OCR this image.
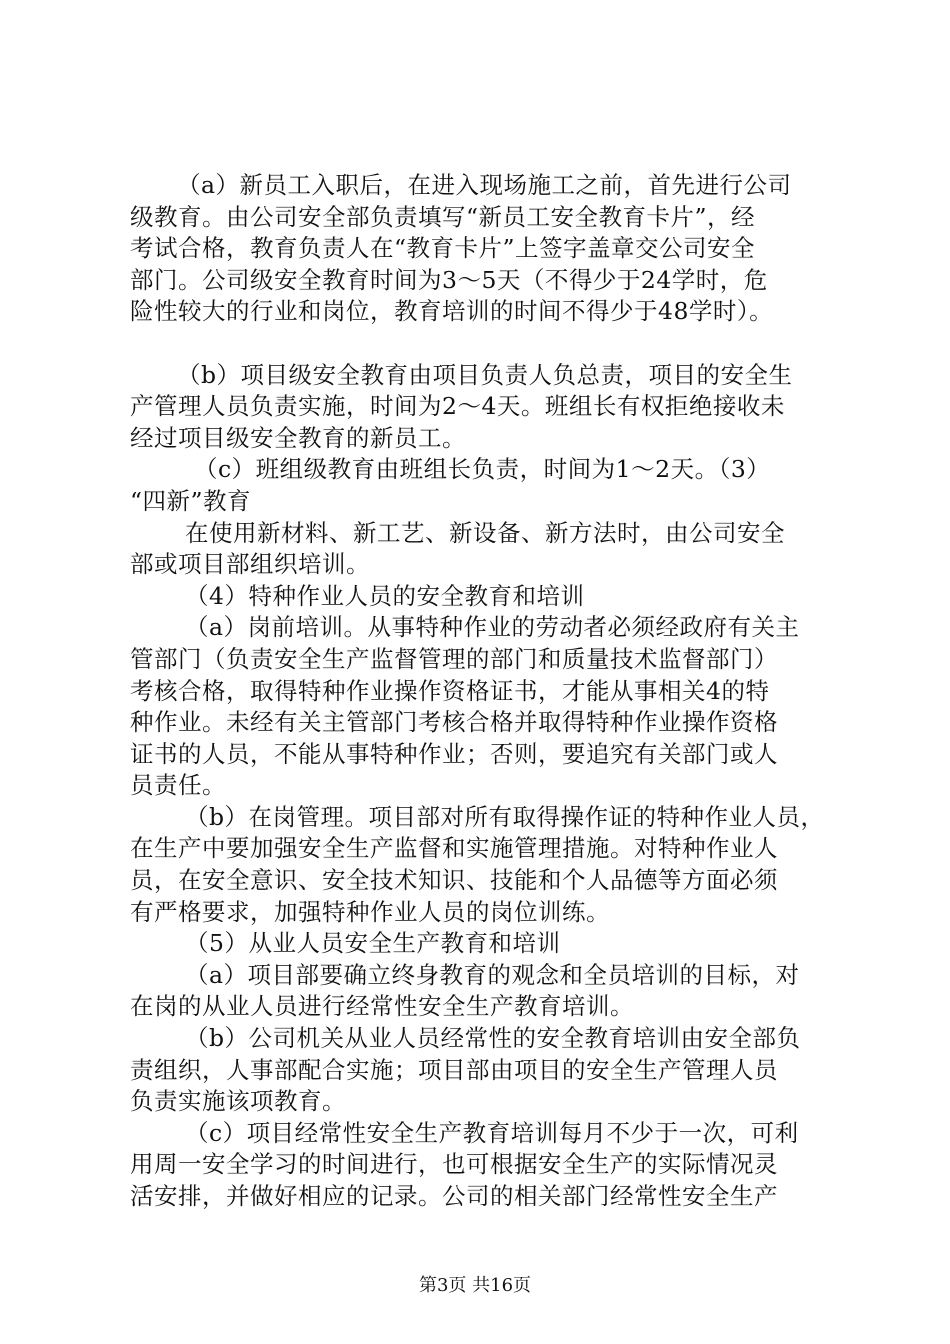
（a）新员工入职后，在进入现场施工之前，首先进行公司
级教育。由公司安全部负责填写“新员工安全教育卡片”，经
考试合格，教育负责人在“教育卡片”上签字盖章交公司安全
部门。公司级安全教育时间为3～5天（不得少于24学时，危
险性较大的行业和岗位，教育培训的时间不得少于48学时）。
（b）项目级安全教育由项目负责人负总责，项目的安全生
产管理人员负责实施，时间为2～4天。班组长有权拒绝接收未
经过项目级安全教育的新员工。
（c）班组级教育由班组长负责，时间为1～2天。（3）
“四新”教育
在使用新材料、新工艺、新设备、新方法时，由公司安全
部或项目部组织培训。
（4）特种作业人员的安全教育和培训
（a）岗前培训。从事特种作业的劳动者必须经政府有关主
管部门（负责安全生产监督管理的部门和质量技术监督部门）
考核合格，取得特种作业操作资格证书，才能从事相关4的特
种作业。未经有关主管部门考核合格并取得特种作业操作资格
证书的人员，不能从事特种作业；否则，要追究有关部门或人
员责任。
（b）在岗管理。项目部对所有取得操作证的特种作业人员，
在生产中要加强安全生产监督和实施管理措施。对特种作业人
员，在安全意识、安全技术知识、技能和个人品德等方面必须
有严格要求，加强特种作业人员的岗位训练。
（5）从业人员安全生产教育和培训
（a）项目部要确立终身教育的观念和全员培训的目标，对
在岗的从业人员进行经常性安全生产教育培训。
（b）公司机关从业人员经常性的安全教育培训由安全部负
责组织，人事部配合实施；项目部由项目的安全生产管理人员
负责实施该项教育。
（c）项目经常性安全生产教育培训每月不少于一次，可利
用周一安全学习的时间进行，也可根据安全生产的实际情况灵
活安排，并做好相应的记录。公司的相关部门经常性安全生产
第3页 共16页
